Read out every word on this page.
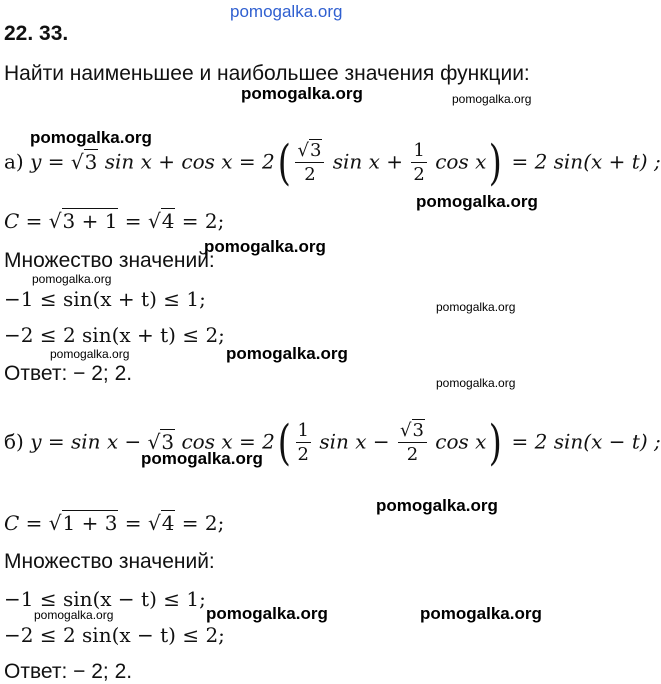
pomogalka.org
22. 33.
Найти наименьшее и наибольшее значения функции:
pomogalka.org	pomogalka.org
pomogalka.org
а) y = √3 $\sin x + \cos x = 2( \frac{√3}{2}$ $\sin x + \frac{1}{2}$ cos x) = 2 sin(x + t) ;
pomogalka.org
C = √3 + 1 = √4 = 2;
pomogalka.org
Множество значений:
pomogalka.org
−1 ≤ sin(x + t) ≤ 1;	pomogalka.org
−2 ≤ 2 sin(x + t) ≤ 2;
pomogalka.org	pomogalka.org
Ответ: − 2; 2.	pomogalka.org
б) y = sin x − √3 $\cos x = 2( \frac{1}{2}$ $\sin x - \frac{√3}{2}$ cos x) = 2 sin(x − t) ;
pomogalka.org
pomogalka.org
C = √1 + 3 = √4 = 2;
Множество значений:
−1 ≤ sin(x − t) ≤ 1;
pomogalka.org	pomogalka.org
pomogalka.org
−2 ≤ 2 sin(x − t) ≤ 2;
Ответ: − 2; 2.
